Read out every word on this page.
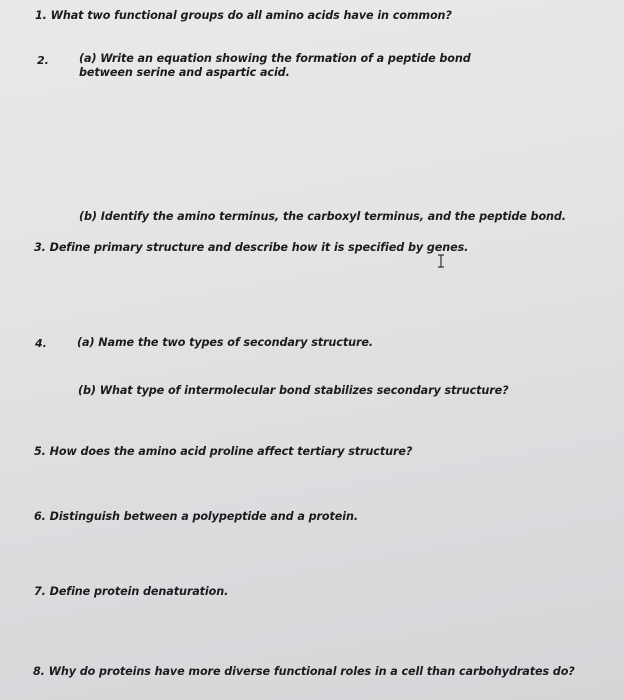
1. What two functional groups do all amino acids have in common?
2.	(a) Write an equation showing the formation of a peptide bond between serine and aspartic acid.
(b) Identify the amino terminus, the carboxyl terminus, and the peptide bond.
3. Define primary structure and describe how it is specified by genes.
4.	(a) Name the two types of secondary structure.
(b) What type of intermolecular bond stabilizes secondary structure?
5. How does the amino acid proline affect tertiary structure?
6. Distinguish between a polypeptide and a protein.
7. Define protein denaturation.
8. Why do proteins have more diverse functional roles in a cell than carbohydrates do?
